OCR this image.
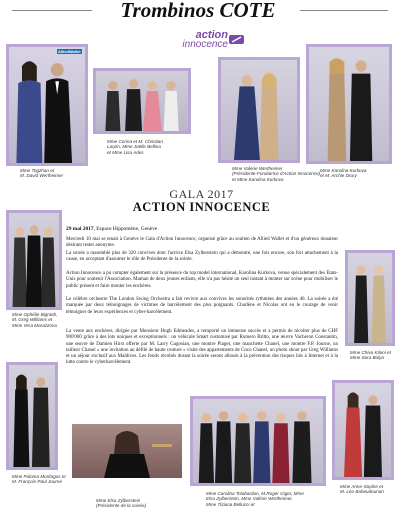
Trombinos COTE
action
innocence
AlliedWallet
Mme Togzhan et
M. David Wertheimer
Mme Corina et M. Christian
Larpin, Mme Joëlle Bellina
et Mme Lisa Ades
Mme Valérie Wertheimer
(Présidente-Fondatrice d'Action Innocence)
et Mme Karolina Kurkova
Mme Karolina Kurkova
et M. Archie Drury
GALA 2017
ACTION INNOCENCE
29 mai 2017, Espace Hippomène, Genève

Mercredi 10 mai se tenait à Genève le Gala d'Action Innocence, organisé grâce au soutien de Allied Wallet et d'un généreux donateur désirant rester anonyme.

La soirée a rassemblé plus de 320 convives dont l'actrice Elsa Zylberstein qui a démontré, une fois encore, son fort attachement à la cause, en acceptant d'assumer le rôle de Présidente de la soirée.

Action Innocence a pu compter également sur la présence du top model international, Karolina Kurkova, venue spécialement des États-Unis pour soutenir l'Association. Maman de deux jeunes enfants, elle n'a pas hésité un seul instant à monter sur scène pour mobiliser le public présent et faire monter les enchères.

Le célèbre orchestre The London Swing Orchestra a fait revivre aux convives les sonorités rythmées des années 40. La soirée a été marquée par deux témoignages de victimes de harcèlement des plus poignants. Charlène et Nicolas ont eu le courage de venir témoigner de leurs expériences et cyber-harcèlement.

La vente aux enchères, dirigée par Monsieur Hugh Edmeades, a remporté un immense succès et a permis de récolter plus de CHF 900'000 grâce à des lots uniques et exceptionnels : un véhicule Smart customisé par Romero Britto, une œuvre Vacheron Constantin, une œuvre de Damien Hirst offerte par M. Larry Gagosian, une montre Piaget, une manchette Chanel, une montre F.P. Journe, un tailleur Chanel « une invitation au défilé de haute couture » visite des appartements de Coco Chanel, un photo shoot par Greg Williams et un séjour exclusif aux Maldives. Les fonds récoltés durant la soirée seront alloués à la prévention des risques liés à Internet et à la lutte contre le cyberharcèlement.

Mme Ophélie Bignotti,
M. Greg Williams et
Mme Vera Marazzova
Mme Chiva Kilani et
Mme Sara Bolya
Mme Paloma Monfagos et
M. François-Paul Journe
Mme Elsa Zylberstein
(Présidente de la soirée)
Mme Carolina Tolabardon, M.Roger Giger, Mme
Elsa Zylberstein, Mme Valérie Wertheimer,
Mme Tiziana Bellucci et
Mme Anne-Sophie et
M. Léo Baheudourian
